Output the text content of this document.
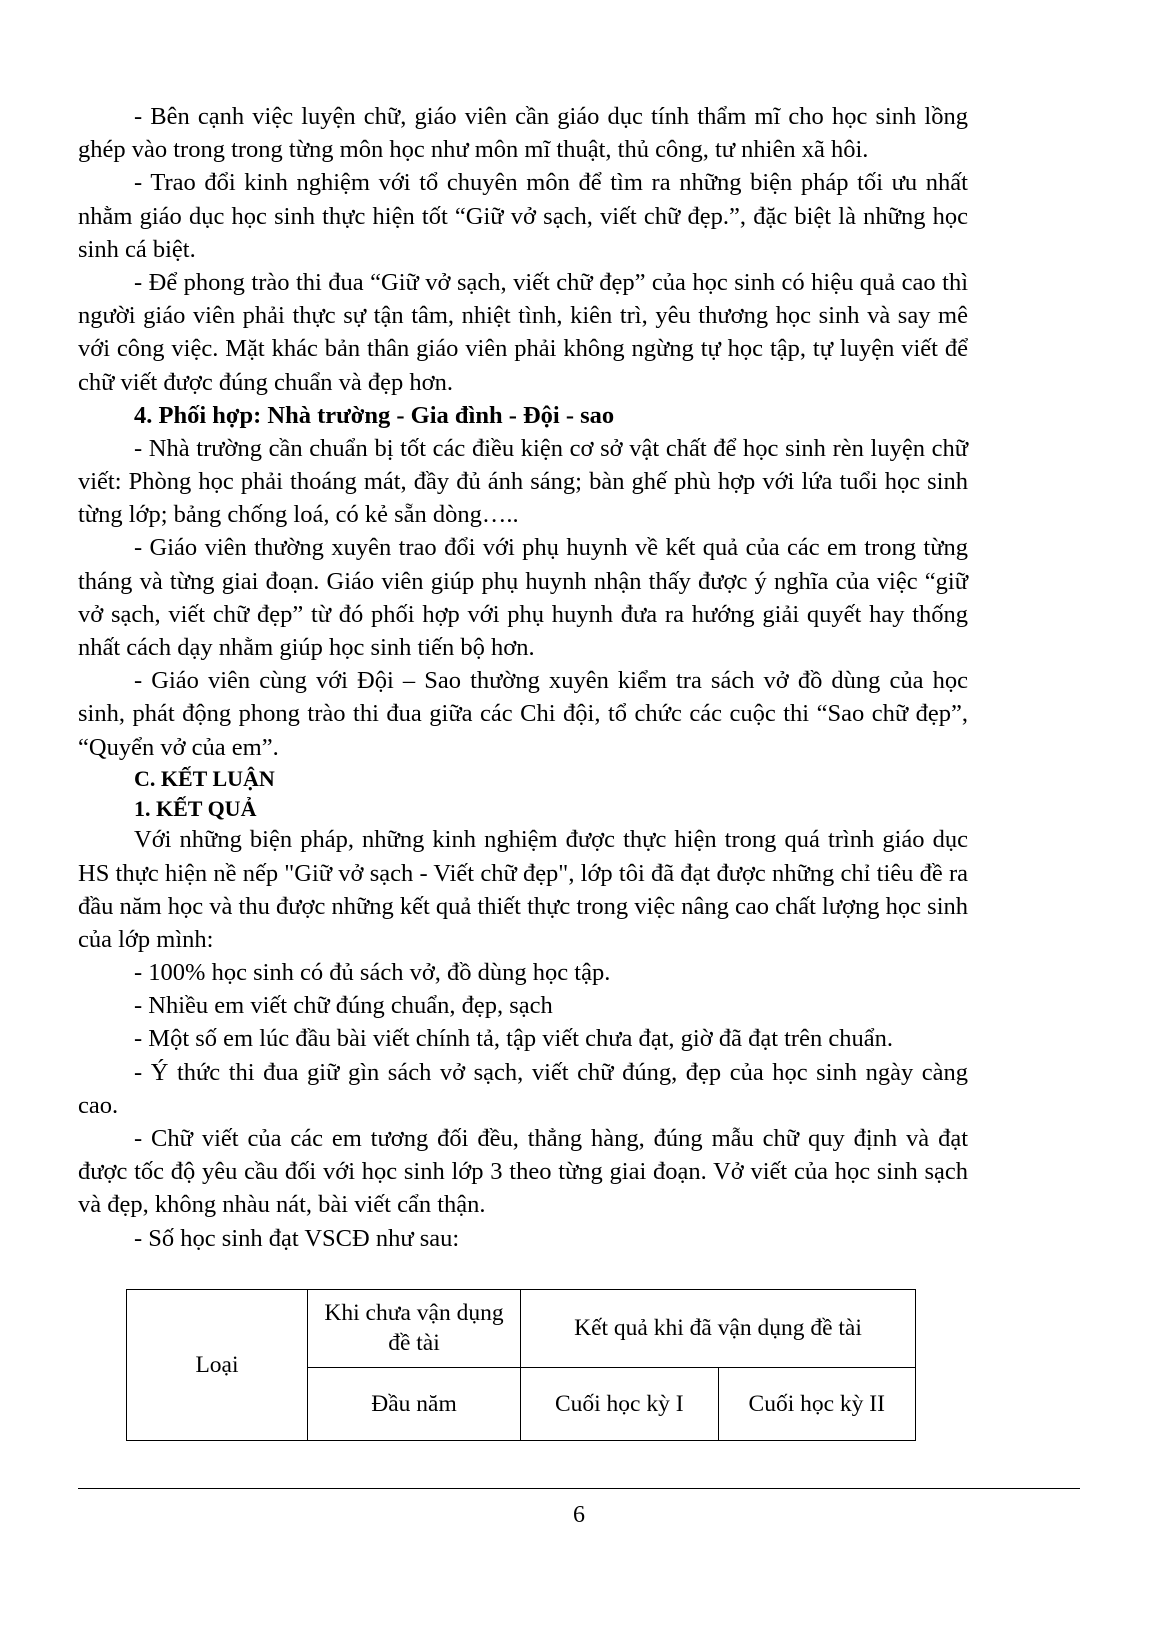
- Bên cạnh việc luyện chữ, giáo viên cần giáo dục tính thẩm mĩ cho học sinh lồng ghép vào trong trong từng môn học như môn mĩ thuật, thủ công, tư nhiên xã hôi.

- Trao đổi kinh nghiệm với tổ chuyên môn để tìm ra những biện pháp tối ưu nhất nhằm giáo dục học sinh thực hiện tốt “Giữ vở sạch, viết chữ đẹp.”, đặc biệt là những học sinh cá biệt.

- Để phong trào thi đua “Giữ vở sạch, viết chữ đẹp” của học sinh có hiệu quả cao thì người giáo viên phải thực sự tận tâm, nhiệt tình, kiên trì, yêu thương học sinh và say mê với công việc. Mặt khác bản thân giáo viên phải không ngừng tự học tập, tự luyện viết để chữ viết được đúng chuẩn và đẹp hơn.

4. Phối hợp: Nhà trường - Gia đình - Đội - sao

- Nhà trường cần chuẩn bị tốt các điều kiện cơ sở vật chất để học sinh rèn luyện chữ viết: Phòng học phải thoáng mát, đầy đủ ánh sáng; bàn ghế phù hợp với lứa tuổi học sinh từng lớp; bảng chống loá, có kẻ sẵn dòng…..

- Giáo viên thường xuyên trao đổi với phụ huynh về kết quả của các em trong từng tháng và từng giai đoạn. Giáo viên giúp phụ huynh nhận thấy được ý nghĩa của việc “giữ vở sạch, viết chữ đẹp” từ đó phối hợp với phụ huynh đưa ra hướng giải quyết hay thống nhất cách dạy nhằm giúp học sinh tiến bộ hơn.

- Giáo viên cùng với Đội – Sao thường xuyên kiểm tra sách vở đồ dùng của học sinh, phát động phong trào thi đua giữa các Chi đội, tổ chức các cuộc thi “Sao chữ đẹp”, “Quyển vở của em”.

C. KẾT LUẬN

1. KẾT QUẢ

Với những biện pháp, những kinh nghiệm được thực hiện trong quá trình giáo dục HS thực hiện nề nếp "Giữ vở sạch - Viết chữ đẹp", lớp tôi đã đạt được những chỉ tiêu đề ra đầu năm học và thu được những kết quả thiết thực trong việc nâng cao chất lượng học sinh của lớp mình:

- 100% học sinh có đủ sách vở, đồ dùng học tập.

- Nhiều em viết chữ đúng chuẩn, đẹp, sạch

- Một số em lúc đầu bài viết chính tả, tập viết chưa đạt, giờ đã đạt trên chuẩn.

- Ý thức thi đua giữ gìn sách vở sạch, viết chữ đúng, đẹp của học sinh ngày càng cao.

- Chữ viết của các em tương đối đều, thẳng hàng, đúng mẫu chữ quy định và đạt được tốc độ yêu cầu đối với học sinh lớp 3 theo từng giai đoạn. Vở viết của học sinh sạch và đẹp, không nhàu nát, bài viết cẩn thận.

- Số học sinh đạt VSCĐ như sau:

Loại	Khi chưa vận dụng đề tài	Kết quả khi đã vận dụng đề tài	
	Đầu năm	Cuối học kỳ I	Cuối học kỳ II
6
